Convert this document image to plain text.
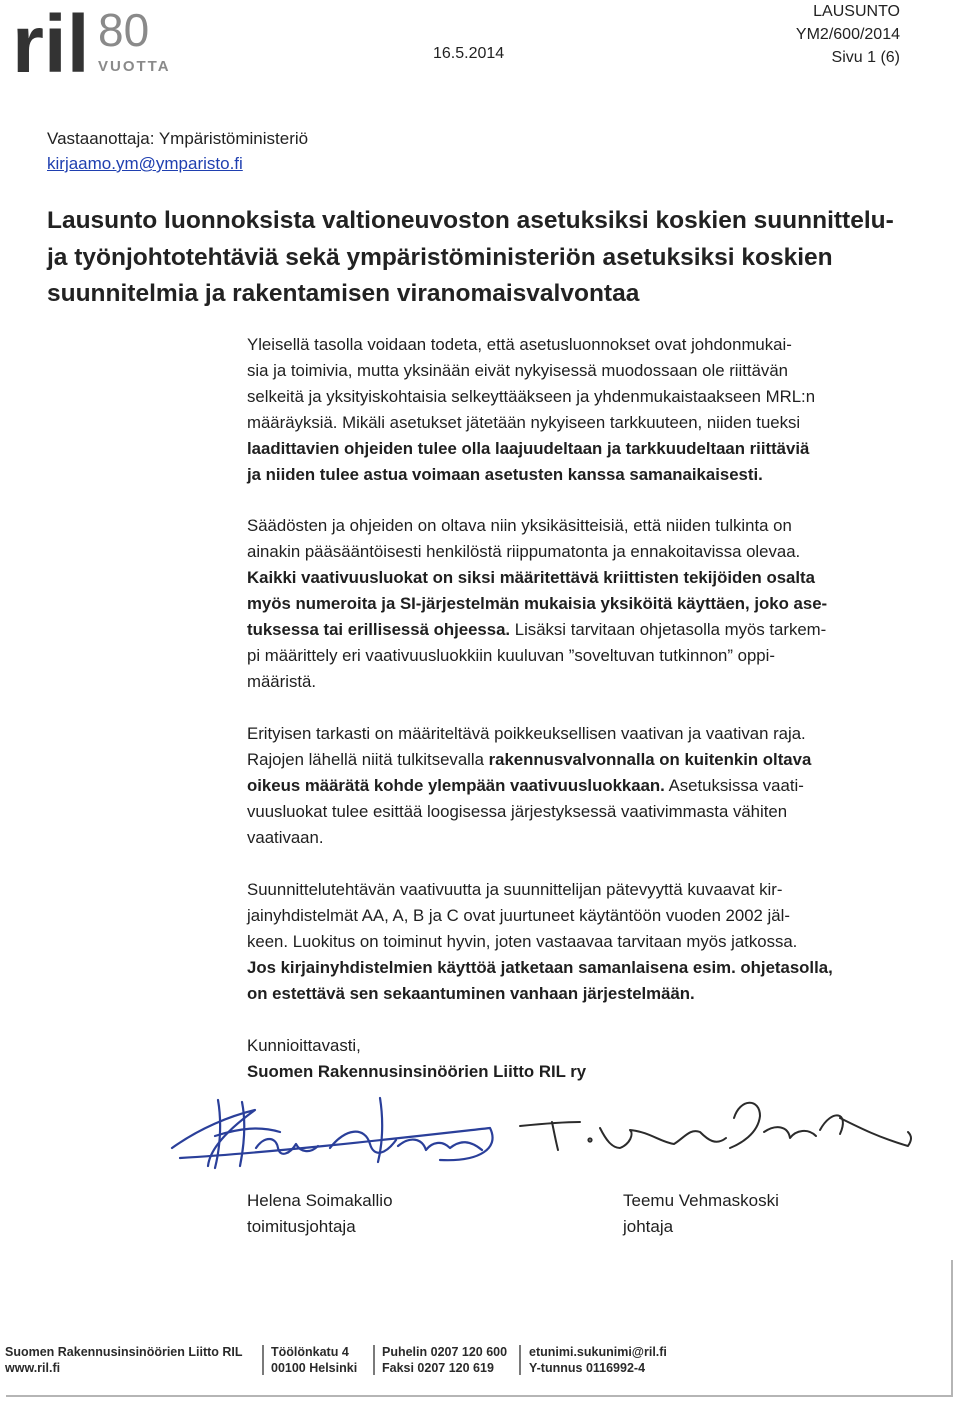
ril 80
VUOTTA
LAUSUNTO
YM2/600/2014
Sivu 1 (6)
16.5.2014
Vastaanottaja: Ympäristöministeriö
kirjaamo.ym@ymparisto.fi
Lausunto luonnoksista valtioneuvoston asetuksiksi koskien suunnittelu-
ja työnjohtotehtäviä sekä ympäristöministeriön asetuksiksi koskien
suunnitelmia ja rakentamisen viranomaisvalvontaa

Yleisellä tasolla voidaan todeta, että asetusluonnokset ovat johdonmukai-

sia ja toimivia, mutta yksinään eivät nykyisessä muodossaan ole riittävän

selkeitä ja yksityiskohtaisia selkeyttääkseen ja yhdenmukaistaakseen MRL:n

määräyksiä. Mikäli asetukset jätetään nykyiseen tarkkuuteen, niiden tueksi

laadittavien ohjeiden tulee olla laajuudeltaan ja tarkkuudeltaan riittäviä

ja niiden tulee astua voimaan asetusten kanssa samanaikaisesti.

Säädösten ja ohjeiden on oltava niin yksikäsitteisiä, että niiden tulkinta on

ainakin pääsääntöisesti henkilöstä riippumatonta ja ennakoitavissa olevaa.

Kaikki vaativuusluokat on siksi määritettävä kriittisten tekijöiden osalta

myös numeroita ja SI-järjestelmän mukaisia yksiköitä käyttäen, joko ase-

tuksessa tai erillisessä ohjeessa. Lisäksi tarvitaan ohjetasolla myös tarkem-

pi määrittely eri vaativuusluokkiin kuuluvan ”soveltuvan tutkinnon” oppi-

määristä.

Erityisen tarkasti on määriteltävä poikkeuksellisen vaativan ja vaativan raja.

Rajojen lähellä niitä tulkitsevalla rakennusvalvonnalla on kuitenkin oltava

oikeus määrätä kohde ylempään vaativuusluokkaan. Asetuksissa vaati-

vuusluokat tulee esittää loogisessa järjestyksessä vaativimmasta vähiten

vaativaan.

Suunnittelutehtävän vaativuutta ja suunnittelijan pätevyyttä kuvaavat kir-

jainyhdistelmät AA, A, B ja C ovat juurtuneet käytäntöön vuoden 2002 jäl-

keen. Luokitus on toiminut hyvin, joten vastaavaa tarvitaan myös jatkossa.

Jos kirjainyhdistelmien käyttöä jatketaan samanlaisena esim. ohjetasolla,

on estettävä sen sekaantuminen vanhaan järjestelmään.

Kunnioittavasti,

Suomen Rakennusinsinöörien Liitto RIL ry

Helena Soimakallio
toimitusjohtaja
Teemu Vehmaskoski
johtaja
Suomen Rakennusinsinöörien Liitto RIL
www.ril.fi
Töölönkatu 4
00100 Helsinki
Puhelin 0207 120 600
Faksi 0207 120 619
etunimi.sukunimi@ril.fi
Y-tunnus 0116992-4
